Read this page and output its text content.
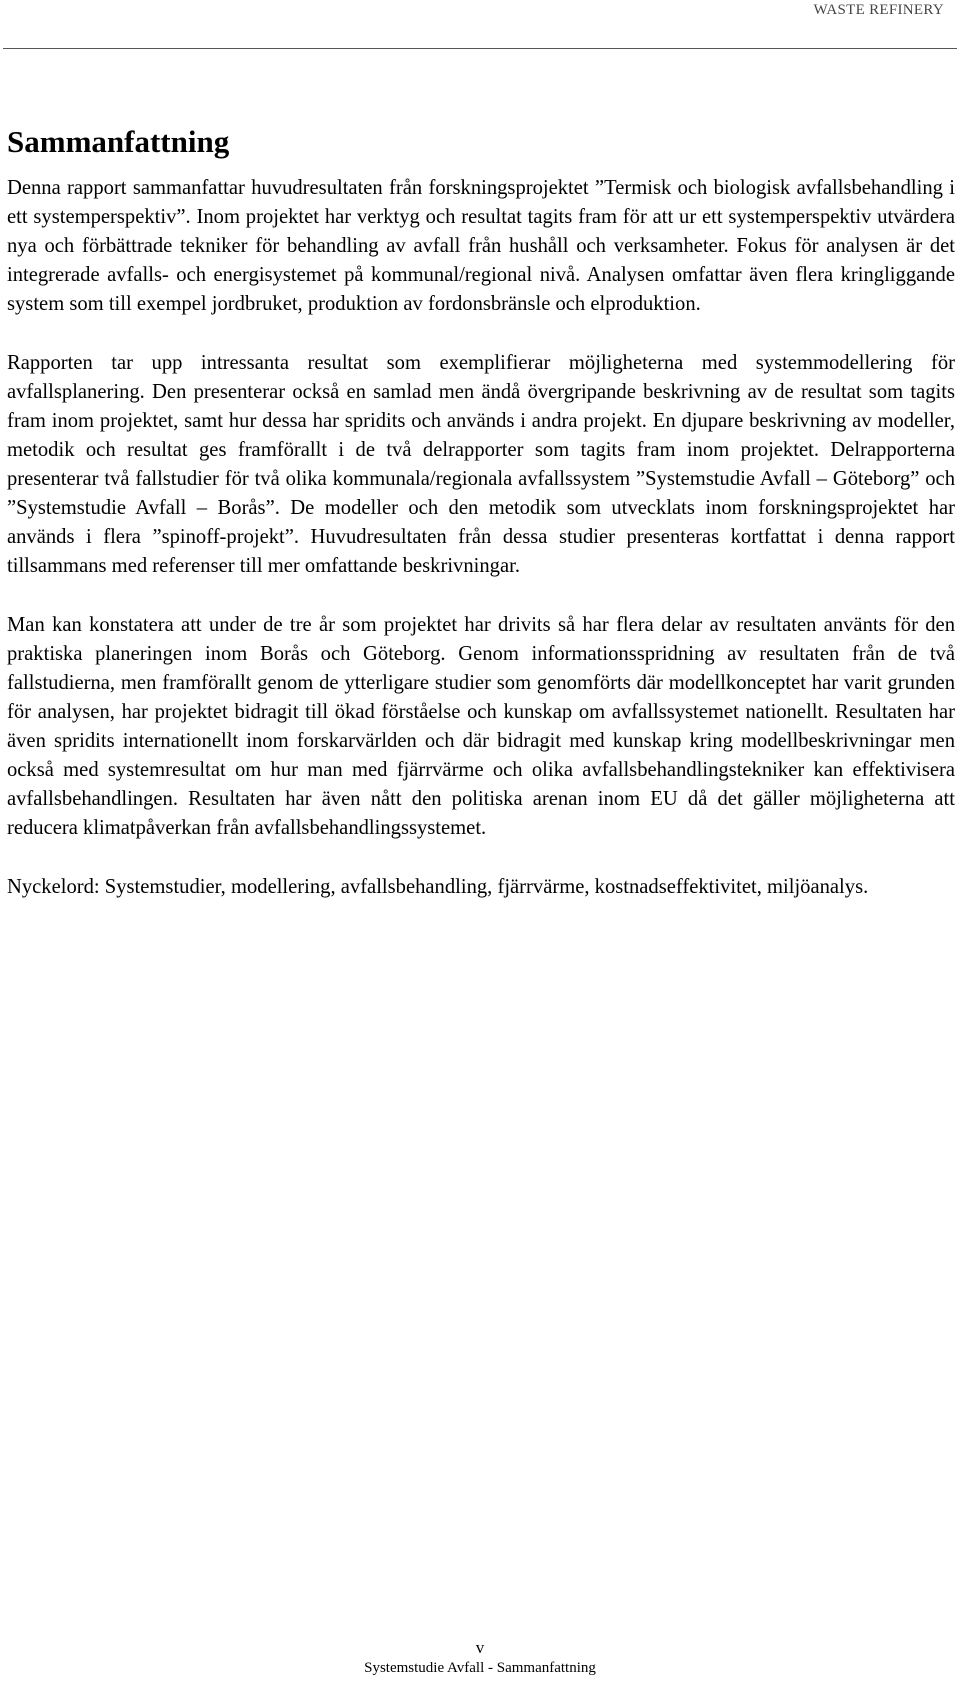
WASTE REFINERY
Sammanfattning

Denna rapport sammanfattar huvudresultaten från forskningsprojektet ”Termisk och biologisk avfallsbehandling i ett systemperspektiv”. Inom projektet har verktyg och resultat tagits fram för att ur ett systemperspektiv utvärdera nya och förbättrade tekniker för behandling av avfall från hushåll och verksamheter. Fokus för analysen är det integrerade avfalls- och energisystemet på kommunal/regional nivå. Analysen omfattar även flera kringliggande system som till exempel jordbruket, produktion av fordonsbränsle och elproduktion.

Rapporten tar upp intressanta resultat som exemplifierar möjligheterna med systemmodellering för avfallsplanering. Den presenterar också en samlad men ändå övergripande beskrivning av de resultat som tagits fram inom projektet, samt hur dessa har spridits och används i andra projekt. En djupare beskrivning av modeller, metodik och resultat ges framförallt i de två delrapporter som tagits fram inom projektet. Delrapporterna presenterar två fallstudier för två olika kommunala/regionala avfallssystem ”Systemstudie Avfall – Göteborg” och ”Systemstudie Avfall – Borås”. De modeller och den metodik som utvecklats inom forskningsprojektet har används i flera ”spinoff-projekt”. Huvudresultaten från dessa studier presenteras kortfattat i denna rapport tillsammans med referenser till mer omfattande beskrivningar.

Man kan konstatera att under de tre år som projektet har drivits så har flera delar av resultaten använts för den praktiska planeringen inom Borås och Göteborg. Genom informationsspridning av resultaten från de två fallstudierna, men framförallt genom de ytterligare studier som genomförts där modellkonceptet har varit grunden för analysen, har projektet bidragit till ökad förståelse och kunskap om avfallssystemet nationellt. Resultaten har även spridits internationellt inom forskarvärlden och där bidragit med kunskap kring modellbeskrivningar men också med systemresultat om hur man med fjärrvärme och olika avfallsbehandlingstekniker kan effektivisera avfallsbehandlingen. Resultaten har även nått den politiska arenan inom EU då det gäller möjligheterna att reducera klimatpåverkan från avfallsbehandlingssystemet.

Nyckelord: Systemstudier, modellering, avfallsbehandling, fjärrvärme, kostnadseffektivitet, miljöanalys.

v
Systemstudie Avfall - Sammanfattning
